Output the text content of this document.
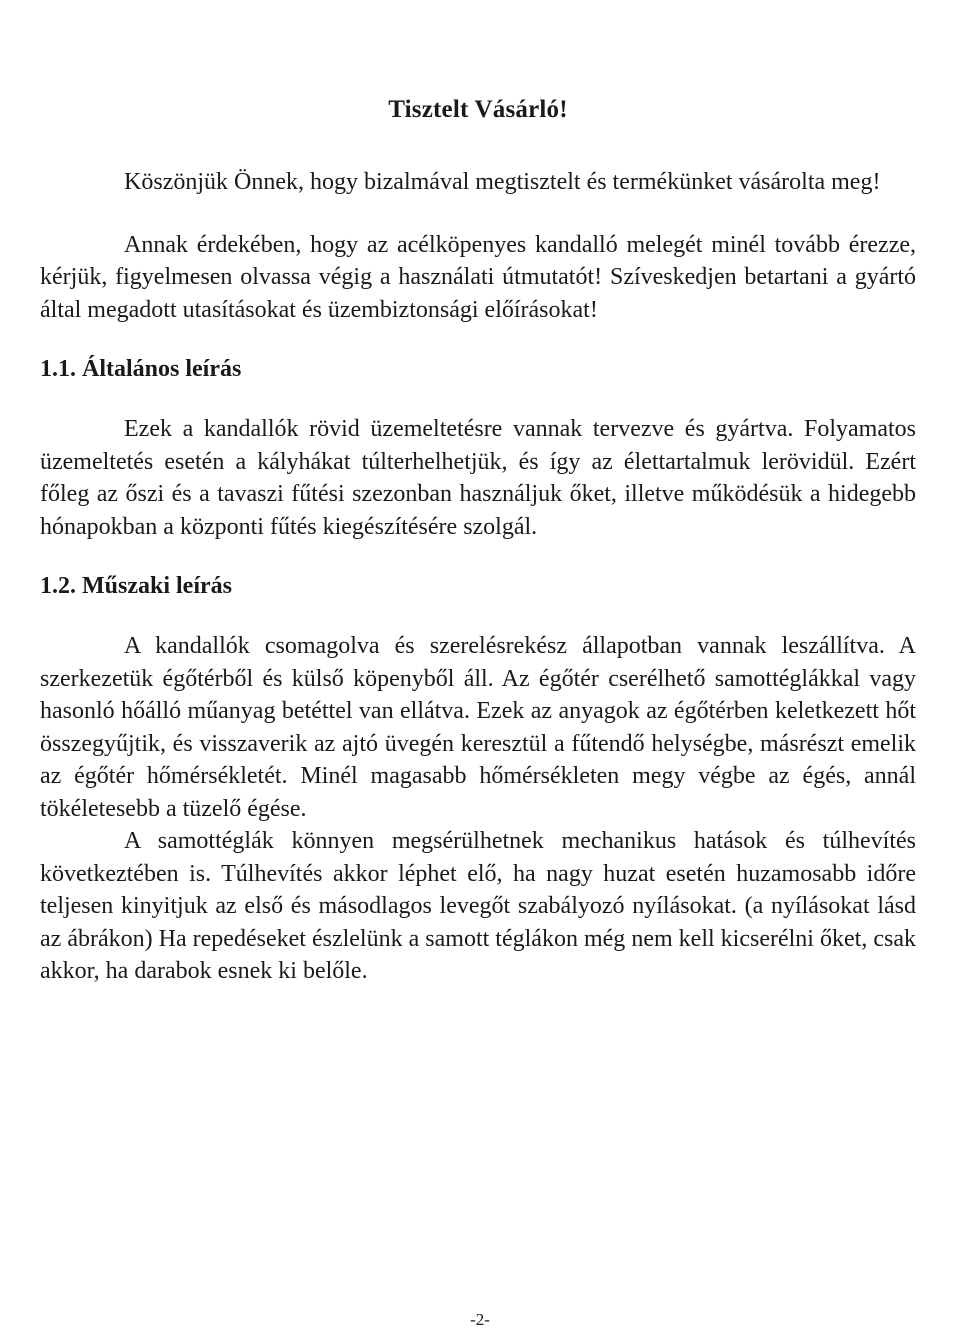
Tisztelt Vásárló!
Köszönjük Önnek, hogy bizalmával megtisztelt és termékünket vásárolta meg!
Annak érdekében, hogy az acélköpenyes kandalló melegét minél tovább érezze, kérjük, figyelmesen olvassa végig a használati útmutatót! Szíveskedjen betartani a gyártó által megadott utasításokat és üzembiztonsági előírásokat!
1.1. Általános leírás
Ezek a kandallók rövid üzemeltetésre vannak tervezve és gyártva. Folyamatos üzemeltetés esetén a kályhákat túlterhelhetjük, és így az élettartalmuk lerövidül. Ezért főleg az őszi és a tavaszi fűtési szezonban használjuk őket, illetve működésük a hidegebb hónapokban a központi fűtés kiegészítésére szolgál.
1.2. Műszaki leírás
A kandallók csomagolva és szerelésrekész állapotban vannak leszállítva. A szerkezetük égőtérből és külső köpenyből áll. Az égőtér cserélhető samottéglákkal vagy hasonló hőálló műanyag betéttel van ellátva. Ezek az anyagok az égőtérben keletkezett hőt összegyűjtik, és visszaverik az ajtó üvegén keresztül a fűtendő helységbe, másrészt emelik az égőtér hőmérsékletét. Minél magasabb hőmérsékleten megy végbe az égés, annál tökéletesebb a tüzelő égése.
A samottéglák könnyen megsérülhetnek mechanikus hatások és túlhevítés következtében is. Túlhevítés akkor léphet elő, ha nagy huzat esetén huzamosabb időre teljesen kinyitjuk az első és másodlagos levegőt szabályozó nyílásokat. (a nyílásokat lásd az ábrákon) Ha repedéseket észlelünk a samott téglákon még nem kell kicserélni őket, csak akkor, ha darabok esnek ki belőle.
-2-
